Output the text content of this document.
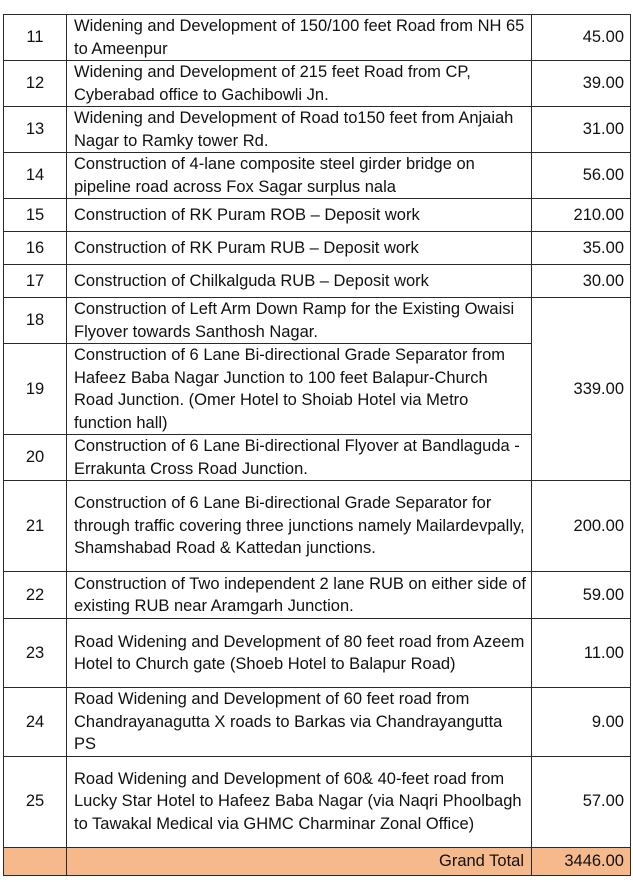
11	Widening and Development of 150/100 feet Road from NH 65 to Ameenpur	45.00
12	Widening and Development of 215 feet Road from CP, Cyberabad office to Gachibowli Jn.	39.00
13	Widening and Development of Road to150 feet from Anjaiah Nagar to Ramky tower Rd.	31.00
14	Construction of 4-lane composite steel girder bridge on pipeline road across Fox Sagar surplus nala	56.00
15	Construction of RK Puram ROB – Deposit work	210.00
16	Construction of RK Puram RUB – Deposit work	35.00
17	Construction of Chilkalguda RUB – Deposit work	30.00
18	Construction of Left Arm Down Ramp for the Existing Owaisi Flyover towards Santhosh Nagar.	339.00
19	Construction of 6 Lane Bi-directional Grade Separator from Hafeez Baba Nagar Junction to 100 feet Balapur-Church Road Junction. (Omer Hotel to Shoiab Hotel via Metro function hall)	
20	Construction of 6 Lane Bi-directional Flyover at Bandlaguda - Errakunta Cross Road Junction.	
21	Construction of 6 Lane Bi-directional Grade Separator for through traffic covering three junctions namely Mailardevpally, Shamshabad Road & Kattedan junctions.	200.00
22	Construction of Two independent 2 lane RUB on either side of existing RUB near Aramgarh Junction.	59.00
23	Road Widening and Development of 80 feet road from Azeem Hotel to Church gate (Shoeb Hotel to Balapur Road)	11.00
24	Road Widening and Development of 60 feet road from Chandrayanagutta X roads to Barkas via Chandrayangutta PS	9.00
25	Road Widening and Development of 60& 40-feet road from Lucky Star Hotel to Hafeez Baba Nagar (via Naqri Phoolbagh to Tawakal Medical via GHMC Charminar Zonal Office)	57.00
	Grand Total	3446.00
